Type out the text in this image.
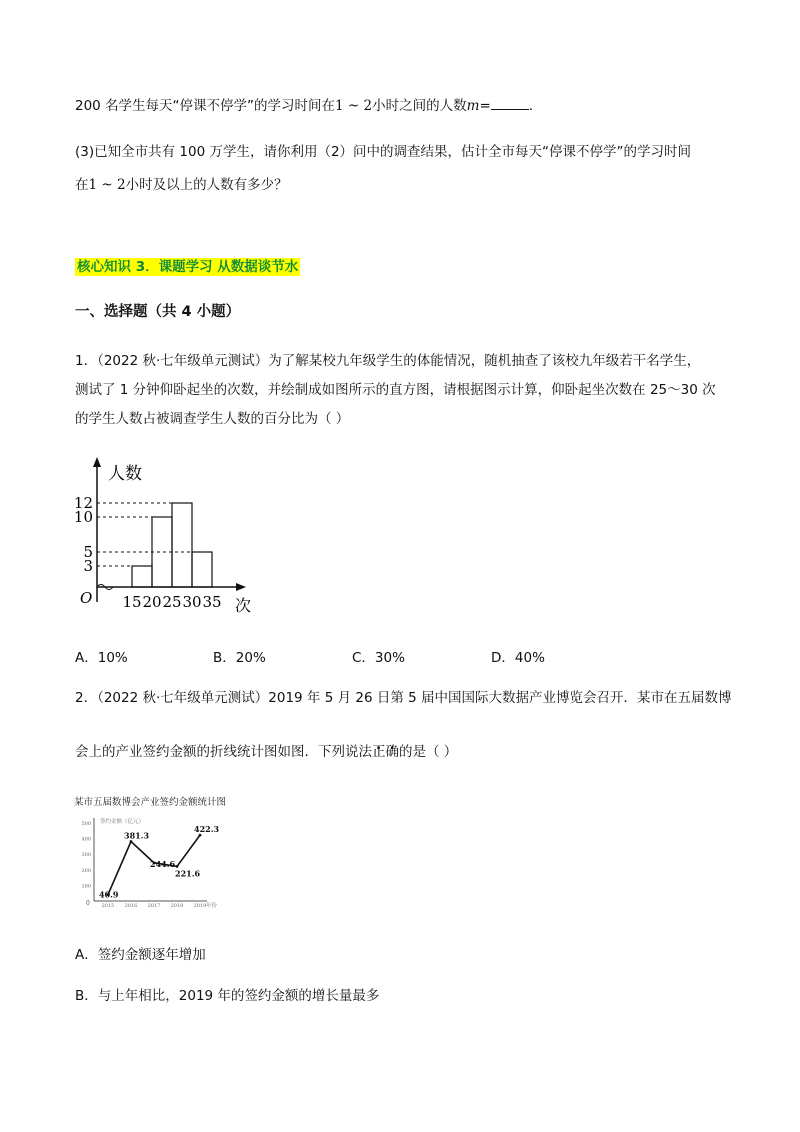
200 名学生每天“停课不停学”的学习时间在1 ~ 2小时之间的人数m=	.
(3)已知全市共有 100 万学生，请你利用（2）问中的调查结果，估计全市每天“停课不停学”的学习时间
在1 ~ 2小时及以上的人数有多少？
核心知识 3．课题学习 从数据谈节水
一、选择题（共 4 小题）
1．（2022 秋·七年级单元测试）为了解某校九年级学生的体能情况，随机抽查了该校九年级若干名学生，
测试了 1 分钟仰卧起坐的次数，并绘制成如图所示的直方图，请根据图示计算，仰卧起坐次数在 25～30 次
的学生人数占被调查学生人数的百分比为（ ）
3
5
10
12
15 20 25 30 35
人数
次
O
A．10%	B．20%	C．30%	D．40%
2．（2022 秋·七年级单元测试）2019 年 5 月 26 日第 5 届中国国际大数据产业博览会召开．某市在五届数博
会上的产业签约金额的折线统计图如图．下列说法正确的是（ ）
某市五届数博会产业签约金额统计图
签约金额（亿元）
年份
0
100
200
300
400
500
40.9
381.3
244.6
221.6
422.3
2015 2016 2017 2018 2019
A．签约金额逐年增加
B．与上年相比，2019 年的签约金额的增长量最多
